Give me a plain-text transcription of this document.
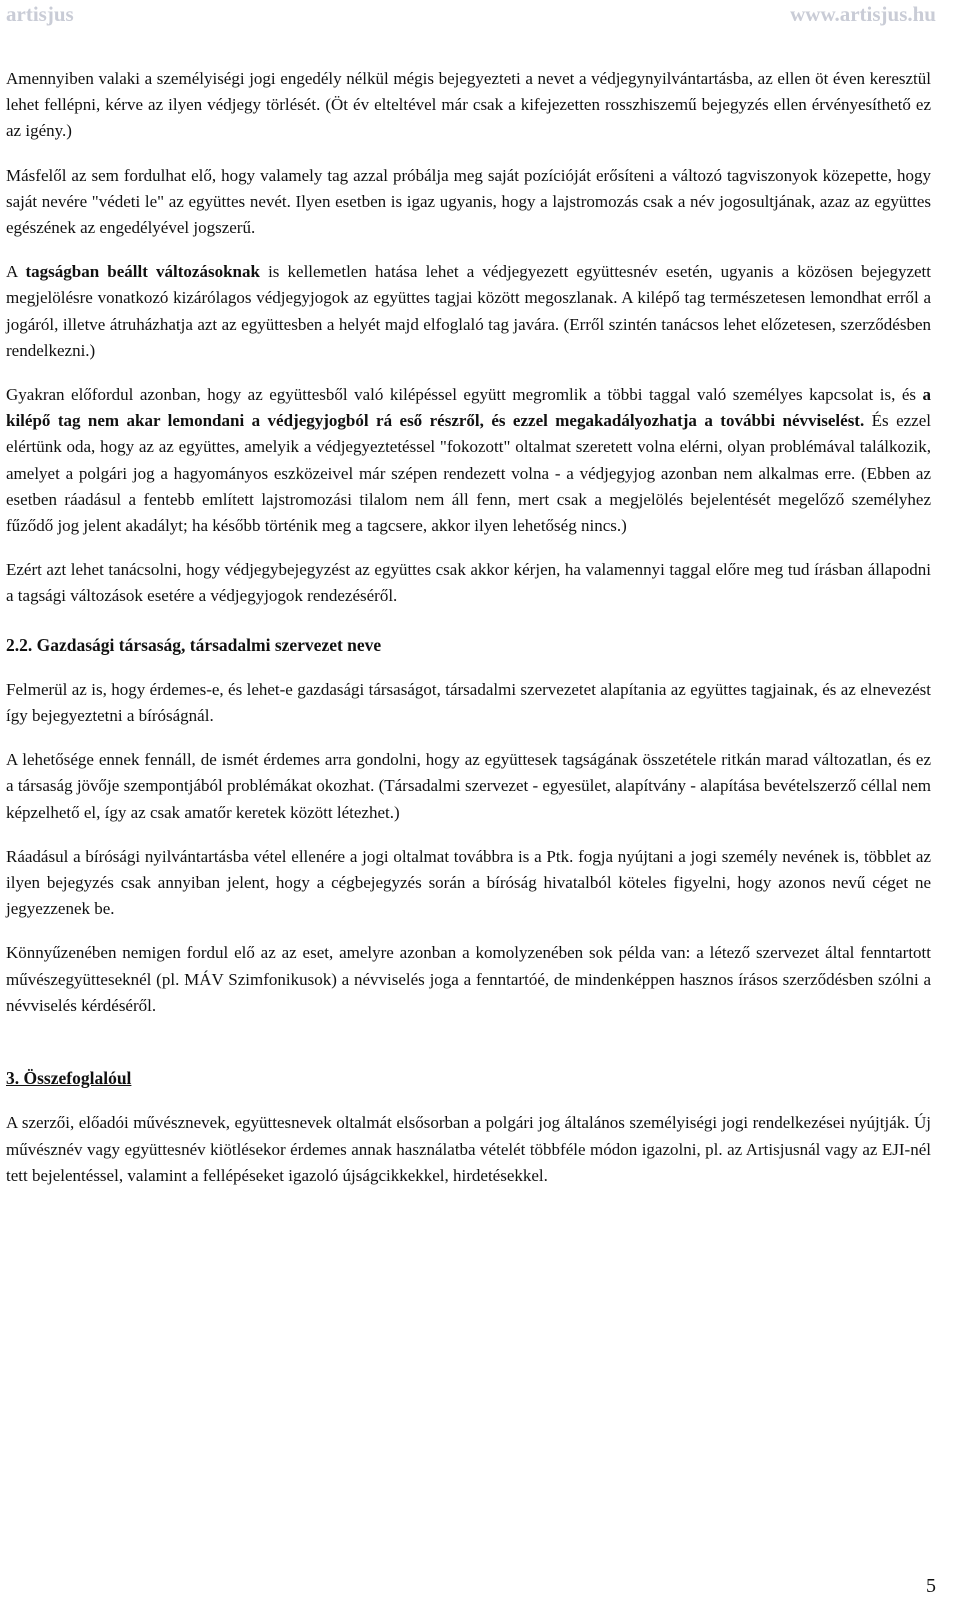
artisjus	www.artisjus.hu

Amennyiben valaki a személyiségi jogi engedély nélkül mégis bejegyezteti a nevet a védjegynyilvántartásba, az ellen öt éven keresztül lehet fellépni, kérve az ilyen védjegy törlését. (Öt év elteltével már csak a kifejezetten rosszhiszemű bejegyzés ellen érvényesíthető ez az igény.)

Másfelől az sem fordulhat elő, hogy valamely tag azzal próbálja meg saját pozícióját erősíteni a változó tagviszonyok közepette, hogy saját nevére "védeti le" az együttes nevét. Ilyen esetben is igaz ugyanis, hogy a lajstromozás csak a név jogosultjának, azaz az együttes egészének az engedélyével jogszerű.

A tagságban beállt változásoknak is kellemetlen hatása lehet a védjegyezett együttesnév esetén, ugyanis a közösen bejegyzett megjelölésre vonatkozó kizárólagos védjegyjogok az együttes tagjai között megoszlanak. A kilépő tag természetesen lemondhat erről a jogáról, illetve átruházhatja azt az együttesben a helyét majd elfoglaló tag javára. (Erről szintén tanácsos lehet előzetesen, szerződésben rendelkezni.)

Gyakran előfordul azonban, hogy az együttesből való kilépéssel együtt megromlik a többi taggal való személyes kapcsolat is, és a kilépő tag nem akar lemondani a védjegyjogból rá eső részről, és ezzel megakadályozhatja a további névviselést. És ezzel elértünk oda, hogy az az együttes, amelyik a védjegyeztetéssel "fokozott" oltalmat szeretett volna elérni, olyan problémával találkozik, amelyet a polgári jog a hagyományos eszközeivel már szépen rendezett volna - a védjegyjog azonban nem alkalmas erre. (Ebben az esetben ráadásul a fentebb említett lajstromozási tilalom nem áll fenn, mert csak a megjelölés bejelentését megelőző személyhez fűződő jog jelent akadályt; ha később történik meg a tagcsere, akkor ilyen lehetőség nincs.)

Ezért azt lehet tanácsolni, hogy védjegybejegyzést az együttes csak akkor kérjen, ha valamennyi taggal előre meg tud írásban állapodni a tagsági változások esetére a védjegyjogok rendezéséről.

2.2. Gazdasági társaság, társadalmi szervezet neve

Felmerül az is, hogy érdemes-e, és lehet-e gazdasági társaságot, társadalmi szervezetet alapítania az együttes tagjainak, és az elnevezést így bejegyeztetni a bíróságnál.

A lehetősége ennek fennáll, de ismét érdemes arra gondolni, hogy az együttesek tagságának összetétele ritkán marad változatlan, és ez a társaság jövője szempontjából problémákat okozhat. (Társadalmi szervezet - egyesület, alapítvány - alapítása bevételszerző céllal nem képzelhető el, így az csak amatőr keretek között létezhet.)

Ráadásul a bírósági nyilvántartásba vétel ellenére a jogi oltalmat továbbra is a Ptk. fogja nyújtani a jogi személy nevének is, többlet az ilyen bejegyzés csak annyiban jelent, hogy a cégbejegyzés során a bíróság hivatalból köteles figyelni, hogy azonos nevű céget ne jegyezzenek be.

Könnyűzenében nemigen fordul elő az az eset, amelyre azonban a komolyzenében sok példa van: a létező szervezet által fenntartott művészegyütteseknél (pl. MÁV Szimfonikusok) a névviselés joga a fenntartóé, de mindenképpen hasznos írásos szerződésben szólni a névviselés kérdéséről.

3. Összefoglalóul

A szerzői, előadói művésznevek, együttesnevek oltalmát elsősorban a polgári jog általános személyiségi jogi rendelkezései nyújtják. Új művésznév vagy együttesnév kiötlésekor érdemes annak használatba vételét többféle módon igazolni, pl. az Artisjusnál vagy az EJI-nél tett bejelentéssel, valamint a fellépéseket igazoló újságcikkekkel, hirdetésekkel.

5
